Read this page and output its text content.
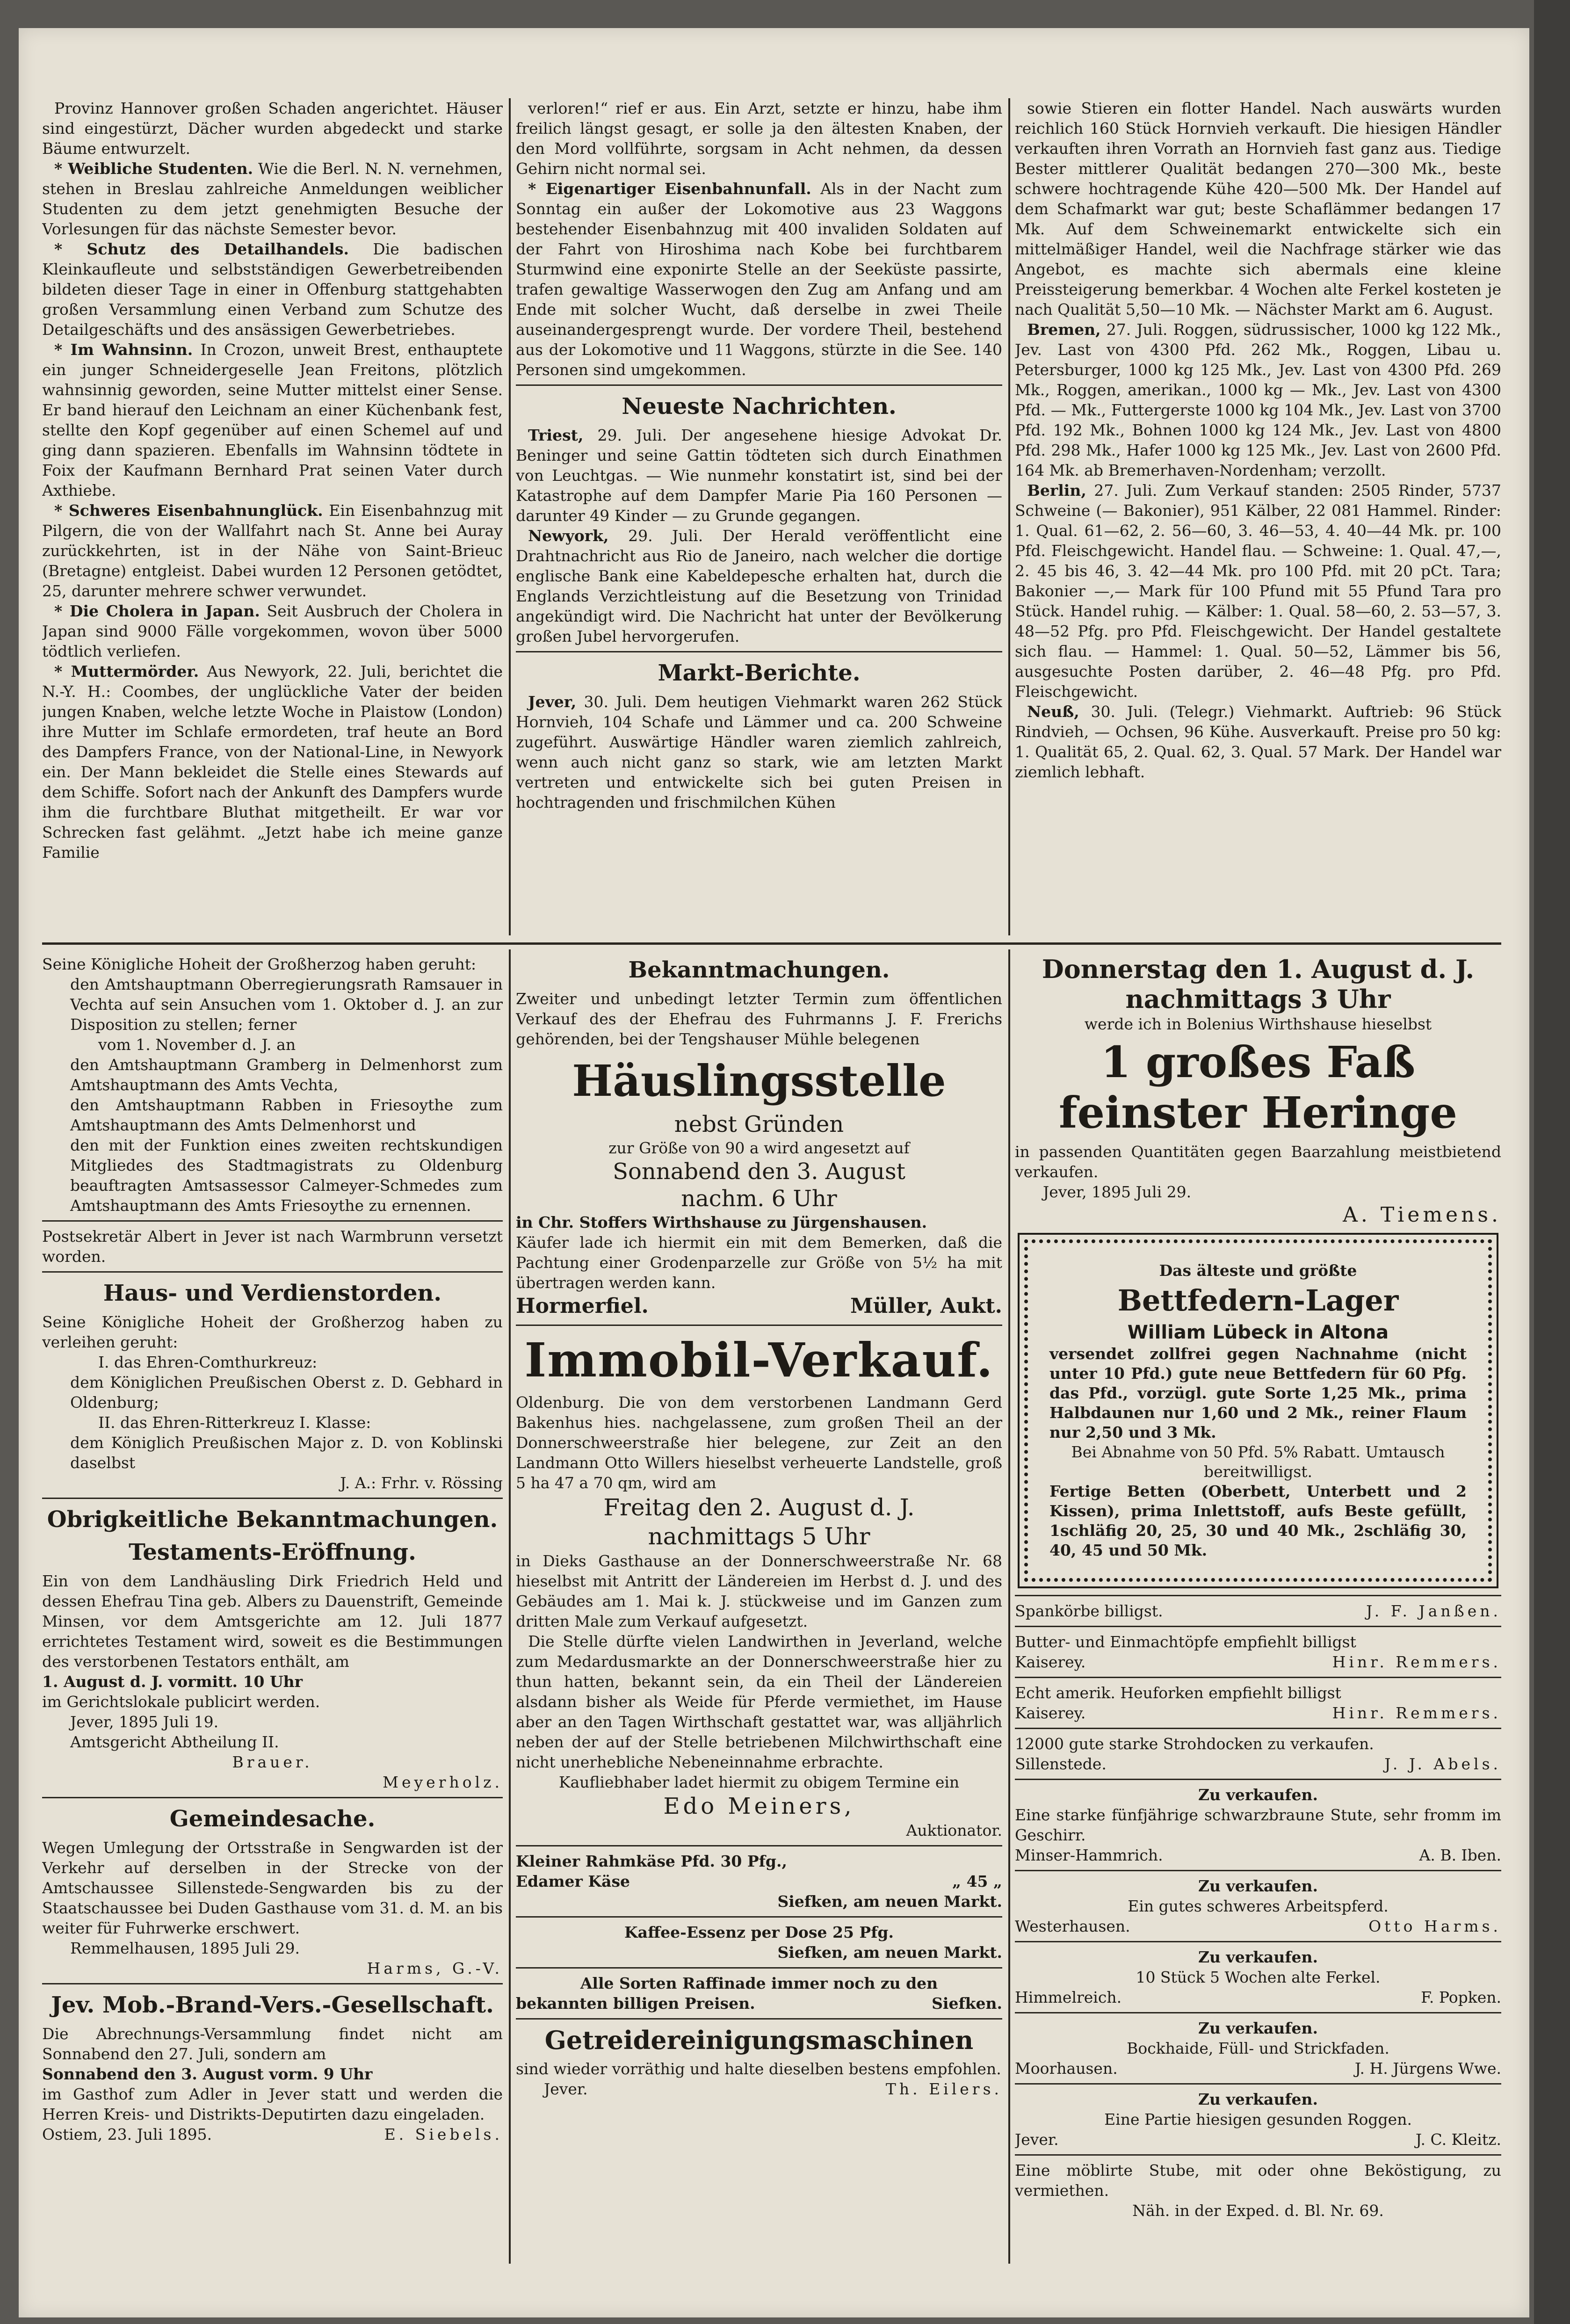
Provinz Hannover großen Schaden angerichtet. Häuser sind eingestürzt, Dächer wurden abgedeckt und starke Bäume entwurzelt.

* Weibliche Studenten. Wie die Berl. N. N. vernehmen, stehen in Breslau zahlreiche Anmeldungen weiblicher Studenten zu dem jetzt genehmigten Besuche der Vorlesungen für das nächste Semester bevor.

* Schutz des Detailhandels. Die badischen Kleinkaufleute und selbstständigen Gewerbetreibenden bildeten dieser Tage in einer in Offenburg stattgehabten großen Versammlung einen Verband zum Schutze des Detailgeschäfts und des ansässigen Gewerbetriebes.

* Im Wahnsinn. In Crozon, unweit Brest, enthauptete ein junger Schneidergeselle Jean Freitons, plötzlich wahnsinnig geworden, seine Mutter mittelst einer Sense. Er band hierauf den Leichnam an einer Küchenbank fest, stellte den Kopf gegenüber auf einen Schemel auf und ging dann spazieren. Ebenfalls im Wahnsinn tödtete in Foix der Kaufmann Bernhard Prat seinen Vater durch Axthiebe.

* Schweres Eisenbahnunglück. Ein Eisenbahnzug mit Pilgern, die von der Wallfahrt nach St. Anne bei Auray zurückkehrten, ist in der Nähe von Saint-Brieuc (Bretagne) entgleist. Dabei wurden 12 Personen getödtet, 25, darunter mehrere schwer verwundet.

* Die Cholera in Japan. Seit Ausbruch der Cholera in Japan sind 9000 Fälle vorgekommen, wovon über 5000 tödtlich verliefen.

* Muttermörder. Aus Newyork, 22. Juli, berichtet die N.-Y. H.: Coombes, der unglückliche Vater der beiden jungen Knaben, welche letzte Woche in Plaistow (London) ihre Mutter im Schlafe ermordeten, traf heute an Bord des Dampfers France, von der National-Line, in Newyork ein. Der Mann bekleidet die Stelle eines Stewards auf dem Schiffe. Sofort nach der Ankunft des Dampfers wurde ihm die furchtbare Bluthat mitgetheilt. Er war vor Schrecken fast gelähmt. „Jetzt habe ich meine ganze Familie

verloren!“ rief er aus. Ein Arzt, setzte er hinzu, habe ihm freilich längst gesagt, er solle ja den ältesten Knaben, der den Mord vollführte, sorgsam in Acht nehmen, da dessen Gehirn nicht normal sei.

* Eigenartiger Eisenbahnunfall. Als in der Nacht zum Sonntag ein außer der Lokomotive aus 23 Waggons bestehender Eisenbahnzug mit 400 invaliden Soldaten auf der Fahrt von Hiroshima nach Kobe bei furchtbarem Sturmwind eine exponirte Stelle an der Seeküste passirte, trafen gewaltige Wasserwogen den Zug am Anfang und am Ende mit solcher Wucht, daß derselbe in zwei Theile auseinandergesprengt wurde. Der vordere Theil, bestehend aus der Lokomotive und 11 Waggons, stürzte in die See. 140 Personen sind umgekommen.

Neueste Nachrichten.

Triest, 29. Juli. Der angesehene hiesige Advokat Dr. Beninger und seine Gattin tödteten sich durch Einathmen von Leuchtgas. — Wie nunmehr konstatirt ist, sind bei der Katastrophe auf dem Dampfer Marie Pia 160 Personen — darunter 49 Kinder — zu Grunde gegangen.

Newyork, 29. Juli. Der Herald veröffentlicht eine Drahtnachricht aus Rio de Janeiro, nach welcher die dortige englische Bank eine Kabeldepesche erhalten hat, durch die Englands Verzichtleistung auf die Besetzung von Trinidad angekündigt wird. Die Nachricht hat unter der Bevölkerung großen Jubel hervorgerufen.

Markt-Berichte.

Jever, 30. Juli. Dem heutigen Viehmarkt waren 262 Stück Hornvieh, 104 Schafe und Lämmer und ca. 200 Schweine zugeführt. Auswärtige Händler waren ziemlich zahlreich, wenn auch nicht ganz so stark, wie am letzten Markt vertreten und entwickelte sich bei guten Preisen in hochtragenden und frischmilchen Kühen

sowie Stieren ein flotter Handel. Nach auswärts wurden reichlich 160 Stück Hornvieh verkauft. Die hiesigen Händler verkauften ihren Vorrath an Hornvieh fast ganz aus. Tiedige Bester mittlerer Qualität bedangen 270—300 Mk., beste schwere hochtragende Kühe 420—500 Mk. Der Handel auf dem Schafmarkt war gut; beste Schaflämmer bedangen 17 Mk. Auf dem Schweinemarkt entwickelte sich ein mittelmäßiger Handel, weil die Nachfrage stärker wie das Angebot, es machte sich abermals eine kleine Preissteigerung bemerkbar. 4 Wochen alte Ferkel kosteten je nach Qualität 5,50—10 Mk. — Nächster Markt am 6. August.

Bremen, 27. Juli. Roggen, südrussischer, 1000 kg 122 Mk., Jev. Last von 4300 Pfd. 262 Mk., Roggen, Libau u. Petersburger, 1000 kg 125 Mk., Jev. Last von 4300 Pfd. 269 Mk., Roggen, amerikan., 1000 kg — Mk., Jev. Last von 4300 Pfd. — Mk., Futtergerste 1000 kg 104 Mk., Jev. Last von 3700 Pfd. 192 Mk., Bohnen 1000 kg 124 Mk., Jev. Last von 4800 Pfd. 298 Mk., Hafer 1000 kg 125 Mk., Jev. Last von 2600 Pfd. 164 Mk. ab Bremerhaven-Nordenham; verzollt.

Berlin, 27. Juli. Zum Verkauf standen: 2505 Rinder, 5737 Schweine (— Bakonier), 951 Kälber, 22 081 Hammel. Rinder: 1. Qual. 61—62, 2. 56—60, 3. 46—53, 4. 40—44 Mk. pr. 100 Pfd. Fleischgewicht. Handel flau. — Schweine: 1. Qual. 47,—, 2. 45 bis 46, 3. 42—44 Mk. pro 100 Pfd. mit 20 pCt. Tara; Bakonier —,— Mark für 100 Pfund mit 55 Pfund Tara pro Stück. Handel ruhig. — Kälber: 1. Qual. 58—60, 2. 53—57, 3. 48—52 Pfg. pro Pfd. Fleischgewicht. Der Handel gestaltete sich flau. — Hammel: 1. Qual. 50—52, Lämmer bis 56, ausgesuchte Posten darüber, 2. 46—48 Pfg. pro Pfd. Fleischgewicht.

Neuß, 30. Juli. (Telegr.) Viehmarkt. Auftrieb: 96 Stück Rindvieh, — Ochsen, 96 Kühe. Ausverkauft. Preise pro 50 kg: 1. Qualität 65, 2. Qual. 62, 3. Qual. 57 Mark. Der Handel war ziemlich lebhaft.

Seine Königliche Hoheit der Großherzog haben geruht:

den Amtshauptmann Oberregierungsrath Ramsauer in Vechta auf sein Ansuchen vom 1. Oktober d. J. an zur Disposition zu stellen; ferner

vom 1. November d. J. an

den Amtshauptmann Gramberg in Delmenhorst zum Amtshauptmann des Amts Vechta,

den Amtshauptmann Rabben in Friesoythe zum Amtshauptmann des Amts Delmenhorst und

den mit der Funktion eines zweiten rechtskundigen Mitgliedes des Stadtmagistrats zu Oldenburg beauftragten Amtsassessor Calmeyer-Schmedes zum Amtshauptmann des Amts Friesoythe zu ernennen.

Postsekretär Albert in Jever ist nach Warmbrunn versetzt worden.

Haus- und Verdienstorden.

Seine Königliche Hoheit der Großherzog haben zu verleihen geruht:

I. das Ehren-Comthurkreuz:

dem Königlichen Preußischen Oberst z. D. Gebhard in Oldenburg;

II. das Ehren-Ritterkreuz I. Klasse:

dem Königlich Preußischen Major z. D. von Koblinski daselbst

J. A.: Frhr. v. Rössing

Obrigkeitliche Bekanntmachungen.
Testaments-Eröffnung.

Ein von dem Landhäusling Dirk Friedrich Held und dessen Ehefrau Tina geb. Albers zu Dauenstrift, Gemeinde Minsen, vor dem Amtsgerichte am 12. Juli 1877 errichtetes Testament wird, soweit es die Bestimmungen des verstorbenen Testators enthält, am

1. August d. J. vormitt. 10 Uhr

im Gerichtslokale publicirt werden.

Jever, 1895 Juli 19.

Amtsgericht Abtheilung II.

Brauer.

Meyerholz.

Gemeindesache.

Wegen Umlegung der Ortsstraße in Sengwarden ist der Verkehr auf derselben in der Strecke von der Amtschaussee Sillenstede-Sengwarden bis zu der Staatschaussee bei Duden Gasthause vom 31. d. M. an bis weiter für Fuhrwerke erschwert.

Remmelhausen, 1895 Juli 29.

Harms, G.-V.

Jev. Mob.-Brand-Vers.-Gesellschaft.

Die Abrechnungs-Versammlung findet nicht am Sonnabend den 27. Juli, sondern am

Sonnabend den 3. August vorm. 9 Uhr

im Gasthof zum Adler in Jever statt und werden die Herren Kreis- und Distrikts-Deputirten dazu eingeladen.

Ostiem, 23. Juli 1895.	E. Siebels.
Bekanntmachungen.

Zweiter und unbedingt letzter Termin zum öffentlichen Verkauf des der Ehefrau des Fuhrmanns J. F. Frerichs gehörenden, bei der Tengshauser Mühle belegenen

Häuslingsstelle

nebst Gründen

zur Größe von 90 a wird angesetzt auf

Sonnabend den 3. August

nachm. 6 Uhr

in Chr. Stoffers Wirthshause zu Jürgenshausen.

Käufer lade ich hiermit ein mit dem Bemerken, daß die Pachtung einer Grodenparzelle zur Größe von 5½ ha mit übertragen werden kann.

Hormerfiel.	Müller, Aukt.
Immobil-Verkauf.

Oldenburg. Die von dem verstorbenen Landmann Gerd Bakenhus hies. nachgelassene, zum großen Theil an der Donnerschweerstraße hier belegene, zur Zeit an den Landmann Otto Willers hieselbst verheuerte Landstelle, groß 5 ha 47 a 70 qm, wird am

Freitag den 2. August d. J.

nachmittags 5 Uhr

in Dieks Gasthause an der Donnerschweerstraße Nr. 68 hieselbst mit Antritt der Ländereien im Herbst d. J. und des Gebäudes am 1. Mai k. J. stückweise und im Ganzen zum dritten Male zum Verkauf aufgesetzt.

Die Stelle dürfte vielen Landwirthen in Jeverland, welche zum Medardusmarkte an der Donnerschweerstraße hier zu thun hatten, bekannt sein, da ein Theil der Ländereien alsdann bisher als Weide für Pferde vermiethet, im Hause aber an den Tagen Wirthschaft gestattet war, was alljährlich neben der auf der Stelle betriebenen Milchwirthschaft eine nicht unerhebliche Nebeneinnahme erbrachte.

Kaufliebhaber ladet hiermit zu obigem Termine ein

Edo Meiners,

Auktionator.

Kleiner Rahmkäse Pfd. 30 Pfg.,
Edamer Käse	„ 45 „
Siefken, am neuen Markt.

Kaffee-Essenz per Dose 25 Pfg.

Siefken, am neuen Markt.

Alle Sorten Raffinade immer noch zu den

bekannten billigen Preisen.	Siefken.
Getreidereinigungsmaschinen

sind wieder vorräthig und halte dieselben bestens empfohlen.

Jever.	Th. Eilers.

Donnerstag den 1. August d. J.

nachmittags 3 Uhr

werde ich in Bolenius Wirthshause hieselbst

1 großes Faß
feinster Heringe

in passenden Quantitäten gegen Baarzahlung meistbietend verkaufen.

Jever, 1895 Juli 29.

A. Tiemens.

Das älteste und größte

Bettfedern-Lager

William Lübeck in Altona

versendet zollfrei gegen Nachnahme (nicht unter 10 Pfd.) gute neue Bettfedern für 60 Pfg. das Pfd., vorzügl. gute Sorte 1,25 Mk., prima Halbdaunen nur 1,60 und 2 Mk., reiner Flaum nur 2,50 und 3 Mk.

Bei Abnahme von 50 Pfd. 5% Rabatt. Umtausch bereitwilligst.

Fertige Betten (Oberbett, Unterbett und 2 Kissen), prima Inlettstoff, aufs Beste gefüllt, 1schläfig 20, 25, 30 und 40 Mk., 2schläfig 30, 40, 45 und 50 Mk.

Spankörbe billigst.	J. F. Janßen.
Butter- und Einmachtöpfe empfiehlt billigst
Kaiserey.	Hinr. Remmers.
Echt amerik. Heuforken empfiehlt billigst
Kaiserey.	Hinr. Remmers.
12000 gute starke Strohdocken zu verkaufen.
Sillenstede.	J. J. Abels.

Zu verkaufen.

Eine starke fünfjährige schwarzbraune Stute, sehr fromm im Geschirr.

Minser-Hammrich.	A. B. Iben.

Zu verkaufen.

Ein gutes schweres Arbeitspferd.

Westerhausen.	Otto Harms.

Zu verkaufen.

10 Stück 5 Wochen alte Ferkel.

Himmelreich.	F. Popken.

Zu verkaufen.

Bockhaide, Füll- und Strickfaden.

Moorhausen.	J. H. Jürgens Wwe.

Zu verkaufen.

Eine Partie hiesigen gesunden Roggen.

Jever.	J. C. Kleitz.

Eine möblirte Stube, mit oder ohne Beköstigung, zu vermiethen.

Näh. in der Exped. d. Bl. Nr. 69.
